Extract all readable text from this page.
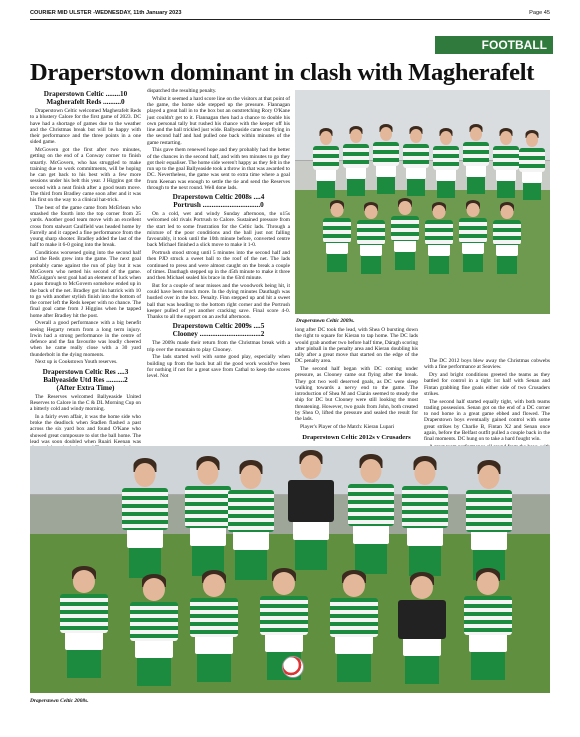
COURIER MID ULSTER -WEDNESDAY, 11th January 2023	Page 45
FOOTBALL
Draperstown dominant in clash with Magherafelt
Draperstown Celtic ........10
Magherafelt Reds ..........0

Draperstown Celtic welcomed Magherafelt Reds to a blustery Calore for the first game of 2023. DC have had a shortage of games due to the weather and the Christmas break but will be happy with their performance and the three points in a one sided game.

McGovern got the first after two minutes, getting on the end of a Conway corner to finish smartly. McGovern, who has struggled to make training due to work commitments, will be hoping he can get back to his best with a few more sessions under his belt this year. J Higgins got the second with a neat finish after a good team move. The third from Bradley came soon after and it was his first on the way to a clinical hat-trick.

The best of the game came from McErlean who smashed the fourth into the top corner from 25 yards. Another good team move with an excellent cross from stalwart Caulfield was headed home by Farrelly and it capped a fine performance from the young sharp shooter. Bradley added the last of the half to make it 6-0 going into the break.

Conditions worsened going into the second half and the Reds grew into the game. The next goal probably came against the run of play but it was McGovern who netted his second of the game. McGuigan's next goal had an element of luck when a pass through to McGovern somehow ended up in the back of the net. Bradley got his hatrick with 10 to go with another stylish finish into the bottom of the corner left the Reds keeper with no chance. The final goal came from J Higgins when he tapped home after Bradley hit the post.

Overall a good performance with a big benefit seeing Hegarty return from a long term injury. Irwin had a strong performance in the centre of defence and the fan favourite was loudly cheered when he came really close with a 30 yard thunderbolt in the dying moments.

Next up is Cookstown Youth reserves.

Draperstown Celtic Res ....3
Ballyeaside Utd Res ..........2
(After Extra Time)

The Reserves welcomed Ballyeaside United Reserves to Calore in the C & DL Morning Cup on a bitterly cold and windy morning.

In a fairly even affair, it was the home side who broke the deadlock when Stadlen flashed a past across the six yard box and found O'Kane who showed great composure to slot the ball home. The lead was soon doubled when Ruairi Keenan was

dispatched the resulting penalty.

Whilst it seemed a hard score line on the visitors at that point of the game, the home side stepped up the pressure. Flannagan played a great ball in to the box but an outstretching Rory O'Kane just couldn't get to it. Flannagan then had a chance to double his own personal tally but rushed his chance with the keeper off his line and the ball trickled just wide. Ballyeaside came out flying in the second half and had pulled one back within minutes of the game restarting.

This gave them renewed hope and they probably had the better of the chances in the second half, and with ten minutes to go they got their equaliser. The home side weren't happy as they felt in the run up to the goal Ballyeaside took a throw in that was awarded to DC. Nevertheless, the game was sent to extra time where a goal from Keenan was enough to settle the tie and send the Reserves through to the next round. Well done lads.

Draperstown Celtic 2008s ....4
Portrush ................................0

On a cold, wet and windy Sunday afternoon, the u15s welcomed old rivals Portrush to Calore. Sustained pressure from the start led to some frustration for the Celtic lads. Through a mixture of the poor conditions and the ball just not falling favourably, it took until the 10th minute before, converted centre back Michael finished a slick move to make it 1-0.

Portrush stood strong until 5 minutes into the second half and then PJD struck a sweet ball to the roof of the net. The lads continued to press and were almost caught on the break a couple of times. Dauthagh stepped up in the 45th minute to make it three and then Michael sealed his brace in the 63rd minute.

But for a couple of near misses and the woodwork being hit, it could have been much more. In the dying minutes Dauthagh was hustled over in the box. Penalty. Finn stepped up and hit a sweet ball that was heading to the bottom right corner and the Portrush keeper pulled of yet another cracking save. Final score 4-0. Thanks to all the support on an awful afternoon.

Draperstown Celtic 2009s ....5
Clooney ..................................2

The 2009s made their return from the Christmas break with a trip over the mountain to play Clooney.

The lads started well with some good play, especially when building up from the back but all the good work would've been for nothing if not for a great save from Cathal to keep the scores level. Not

Draperstown Celtic 2009s.

long after DC took the lead, with Shea O bursting down the right to square for Kieran to tap home. The DC lads would grab another two before half time, Dáragh scoring after pinball in the penalty area and Kieran doubling his tally after a great move that started on the edge of the DC penalty area.

The second half began with DC coming under pressure, as Clooney came out flying after the break. They got two well deserved goals, as DC were sleep walking towards a nervy end to the game. The introduction of Shea M and Ciarán seemed to steady the ship for DC but Clooney were still looking the most threatening. However, two goals from John, both created by Shea O, lifted the pressure and sealed the result for the lads.

Player's Player of the Match: Kieran Lupari

Draperstown Celtic 2012s v Crusaders

The DC 2012 boys blew away the Christmas cobwebs with a fine performance at Seaview.

Dry and bright conditions greeted the teams as they battled for control in a tight 1st half with Senan and Fintan grabbing fine goals either side of two Crusaders strikes.

The second half started equally tight, with both teams trading possession. Senan got on the end of a DC corner to nod home in a great game ebbed and flowed. The Draperstown boys eventually gained control with some great strikes by Charlie B, Fintan X2 and Senan once again, before the Belfast outfit pulled a couple back in the final moments. DC hung on to take a hard fought win.

Draperstown Celtic 2008s.
